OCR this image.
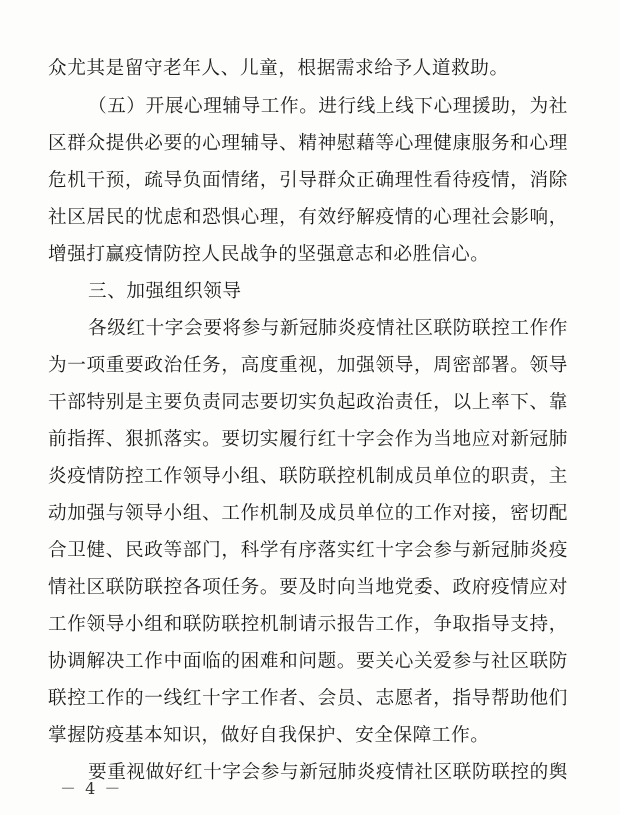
众尤其是留守老年人、儿童，根据需求给予人道救助。
（五）开展心理辅导工作。进行线上线下心理援助，为社
区群众提供必要的心理辅导、精神慰藉等心理健康服务和心理
危机干预，疏导负面情绪，引导群众正确理性看待疫情，消除
社区居民的忧虑和恐惧心理，有效纾解疫情的心理社会影响，
增强打赢疫情防控人民战争的坚强意志和必胜信心。
三、加强组织领导
各级红十字会要将参与新冠肺炎疫情社区联防联控工作作
为一项重要政治任务，高度重视，加强领导，周密部署。领导
干部特别是主要负责同志要切实负起政治责任，以上率下、靠
前指挥、狠抓落实。要切实履行红十字会作为当地应对新冠肺
炎疫情防控工作领导小组、联防联控机制成员单位的职责，主
动加强与领导小组、工作机制及成员单位的工作对接，密切配
合卫健、民政等部门，科学有序落实红十字会参与新冠肺炎疫
情社区联防联控各项任务。要及时向当地党委、政府疫情应对
工作领导小组和联防联控机制请示报告工作，争取指导支持，
协调解决工作中面临的困难和问题。要关心关爱参与社区联防
联控工作的一线红十字工作者、会员、志愿者，指导帮助他们
掌握防疫基本知识，做好自我保护、安全保障工作。
要重视做好红十字会参与新冠肺炎疫情社区联防联控的舆
－ 4 －
